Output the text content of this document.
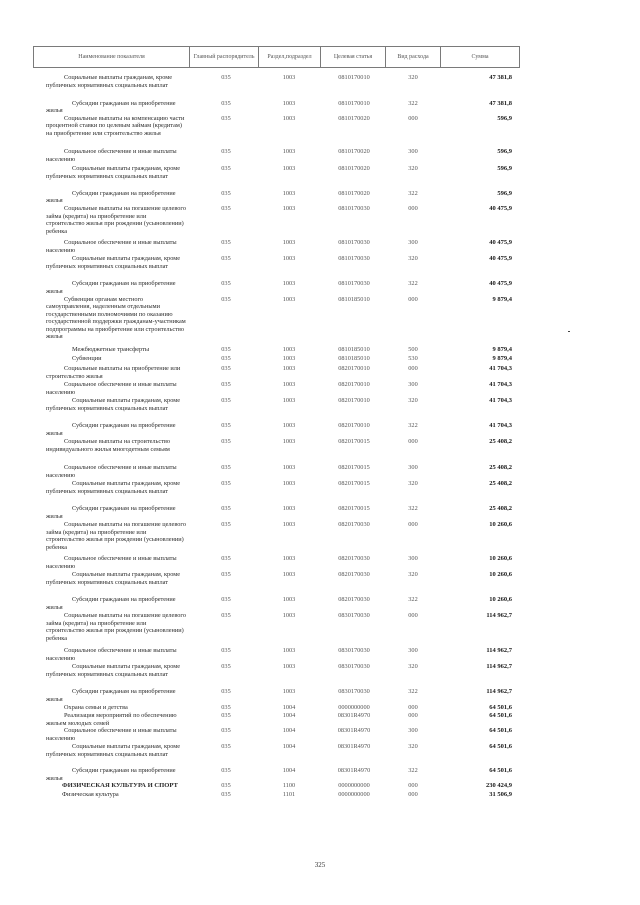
Наименование показателя	Главный распорядитель	Раздел,подраздел	Целевая статья	Вид расхода	Сумма
Социальные выплаты гражданам, кроме публичных нормативных социальных выплат
035	1003	0810170010	320	47 381,8
Субсидии гражданам на приобретение жилья
035	1003	0810170010	322	47 381,8
Социальные выплаты на компенсацию части процентной ставки по целевым займам (кредитам) на приобретение или строительство жилья
035	1003	0810170020	000	596,9
Социальное обеспечение и иные выплаты населению
035	1003	0810170020	300	596,9
Социальные выплаты гражданам, кроме публичных нормативных социальных выплат
035	1003	0810170020	320	596,9
Субсидии гражданам на приобретение жилья
035	1003	0810170020	322	596,9
Социальные выплаты на погашение целевого займа (кредита) на приобретение или строительство жилья при рождении (усыновлении) ребенка
035	1003	0810170030	000	40 475,9
Социальное обеспечение и иные выплаты населению
035	1003	0810170030	300	40 475,9
Социальные выплаты гражданам, кроме публичных нормативных социальных выплат
035	1003	0810170030	320	40 475,9
Субсидии гражданам на приобретение жилья
035	1003	0810170030	322	40 475,9
Субвенции органам местного самоуправления, наделенным отдельными государственными полномочиями по оказанию государственной поддержки гражданам-участникам подпрограммы на приобретение или строительство жилья
035	1003	0810185010	000	9 879,4
Межбюджетные трансферты	035	1003	0810185010	500	9 879,4
Субвенции	035	1003	0810185010	530	9 879,4
Социальные выплаты на приобретение или строительство жилья
035	1003	0820170010	000	41 704,3
Социальное обеспечение и иные выплаты населению
035	1003	0820170010	300	41 704,3
Социальные выплаты гражданам, кроме публичных нормативных социальных выплат
035	1003	0820170010	320	41 704,3
Субсидии гражданам на приобретение жилья
035	1003	0820170010	322	41 704,3
Социальные выплаты на строительство индивидуального жилья многодетным семьям
035	1003	0820170015	000	25 408,2
Социальное обеспечение и иные выплаты населению
035	1003	0820170015	300	25 408,2
Социальные выплаты гражданам, кроме публичных нормативных социальных выплат
035	1003	0820170015	320	25 408,2
Субсидии гражданам на приобретение жилья
035	1003	0820170015	322	25 408,2
Социальные выплаты на погашение целевого займа (кредита) на приобретение или строительство жилья при рождении (усыновлении) ребенка
035	1003	0820170030	000	10 260,6
Социальное обеспечение и иные выплаты населению
035	1003	0820170030	300	10 260,6
Социальные выплаты гражданам, кроме публичных нормативных социальных выплат
035	1003	0820170030	320	10 260,6
Субсидии гражданам на приобретение жилья
035	1003	0820170030	322	10 260,6
Социальные выплаты на погашение целевого займа (кредита) на приобретение или строительство жилья при рождении (усыновлении) ребенка
035	1003	0830170030	000	114 962,7
Социальное обеспечение и иные выплаты населению
035	1003	0830170030	300	114 962,7
Социальные выплаты гражданам, кроме публичных нормативных социальных выплат
035	1003	0830170030	320	114 962,7
Субсидии гражданам на приобретение жилья
035	1003	0830170030	322	114 962,7
Охрана семьи и детства	035	1004	0000000000	000	64 501,6
Реализация мероприятий по обеспечению жильем молодых семей
035	1004	08301R4970	000	64 501,6
Социальное обеспечение и иные выплаты населению
035	1004	08301R4970	300	64 501,6
Социальные выплаты гражданам, кроме публичных нормативных социальных выплат
035	1004	08301R4970	320	64 501,6
Субсидии гражданам на приобретение жилья
035	1004	08301R4970	322	64 501,6
ФИЗИЧЕСКАЯ КУЛЬТУРА И СПОРТ	035	1100	0000000000	000	230 424,9
Физическая культура	035	1101	0000000000	000	31 506,9
325
